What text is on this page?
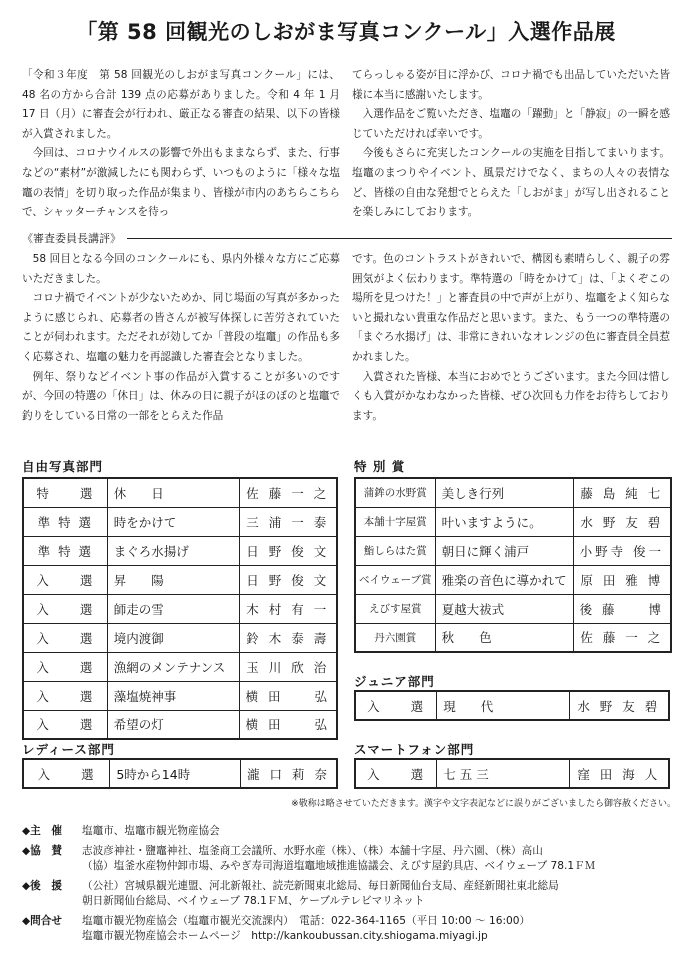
「第 58 回観光のしおがま写真コンクール」入選作品展

「令和３年度　第 58 回観光のしおがま写真コンクール」には、48 名の方から合計 139 点の応募がありました。令和 4 年 1 月 17 日（月）に審査会が行われ、厳正なる審査の結果、以下の皆様が入賞されました。

今回は、コロナウイルスの影響で外出もままならず、また、行事などの“素材”が激減したにも関わらず、いつものように「様々な塩竈の表情」を切り取った作品が集まり、皆様が市内のあちらこちらで、シャッターチャンスを待っ

てらっしゃる姿が目に浮かび、コロナ禍でも出品していただいた皆様に本当に感謝いたします。

入選作品をご覧いただき、塩竈の「躍動」と「静寂」の一瞬を感じていただければ幸いです。

今後もさらに充実したコンクールの実施を目指してまいります。塩竈のまつりやイベント、風景だけでなく、まちの人々の表情など、皆様の自由な発想でとらえた「しおがま」が写し出されることを楽しみにしております。

《審査委員長講評》

58 回目となる今回のコンクールにも、県内外様々な方にご応募いただきました。

コロナ禍でイベントが少ないためか、同じ場面の写真が多かったように感じられ、応募者の皆さんが被写体探しに苦労されていたことが伺われます。ただそれが効してか「普段の塩竈」の作品も多く応募され、塩竈の魅力を再認識した審査会となりました。

例年、祭りなどイベント事の作品が入賞することが多いのですが、今回の特選の「休日」は、休みの日に親子がほのぼのと塩竈で釣りをしている日常の一部をとらえた作品

です。色のコントラストがきれいで、構図も素晴らしく、親子の雰囲気がよく伝わります。準特選の「時をかけて」は、「よくぞこの場所を見つけた！」と審査員の中で声が上がり、塩竈をよく知らないと撮れない貴重な作品だと思います。また、もう一つの準特選の「まぐろ水揚げ」は、非常にきれいなオレンジの色に審査員全員惹かれました。

入賞された皆様、本当におめでとうございます。また今回は惜しくも入賞がかなわなかった皆様、ぜひ次回も力作をお待ちしております。

自由写真部門
特　　選	休　　日	佐 藤 一 之
準 特 選	時をかけて	三 浦 一 泰
準 特 選	まぐろ水揚げ	日 野 俊 文
入　　選	昇　　陽	日 野 俊 文
入　　選	師走の雪	木 村 有 一
入　　選	境内渡御	鈴 木 泰 壽
入　　選	漁網のメンテナンス	玉 川 欣 治
入　　選	藻塩焼神事	横 田　　弘
入　　選	希望の灯	横 田　　弘
特 別 賞
蒲鉾の水野賞	美しき行列	藤 島 純 七
本舗十字屋賞	叶いますように。	水 野 友 碧
鮨しらはた賞	朝日に輝く浦戸	小野寺 俊一
ベイウェーブ賞	雅楽の音色に導かれて	原 田 雅 博
えびす屋賞	夏越大祓式	後 藤　　博
丹六園賞	秋　　色	佐 藤 一 之
ジュニア部門
入　　選	現　　代	水 野 友 碧
レディース部門
入　　選	5時から14時	瀧 口 莉 奈
スマートフォン部門
入　　選	七 五 三	窪 田 海 人
※敬称は略させていただきます。漢字や文字表記などに誤りがございましたら御容赦ください。
◆主　催	塩竈市、塩竈市観光物産協会
◆協　賛	志波彦神社・鹽竈神社、塩釜商工会議所、水野水産（株）、（株）本舗十字屋、丹六園、（株）高山
（協）塩釜水産物仲卸市場、みやぎ寿司海道塩竈地域推進協議会、えびす屋釣具店、ベイウェーブ 78.1ＦＭ
◆後　援	（公社）宮城県観光連盟、河北新報社、読売新聞東北総局、毎日新聞仙台支局、産経新聞社東北総局
朝日新聞仙台総局、ベイウェーブ 78.1ＦＭ、ケーブルテレビマリネット
◆問合せ	塩竈市観光物産協会（塩竈市観光交流課内）　電話：022-364-1165（平日 10:00 ～ 16:00）
塩竈市観光物産協会ホームページ　http://kankoubussan.city.shiogama.miyagi.jp
